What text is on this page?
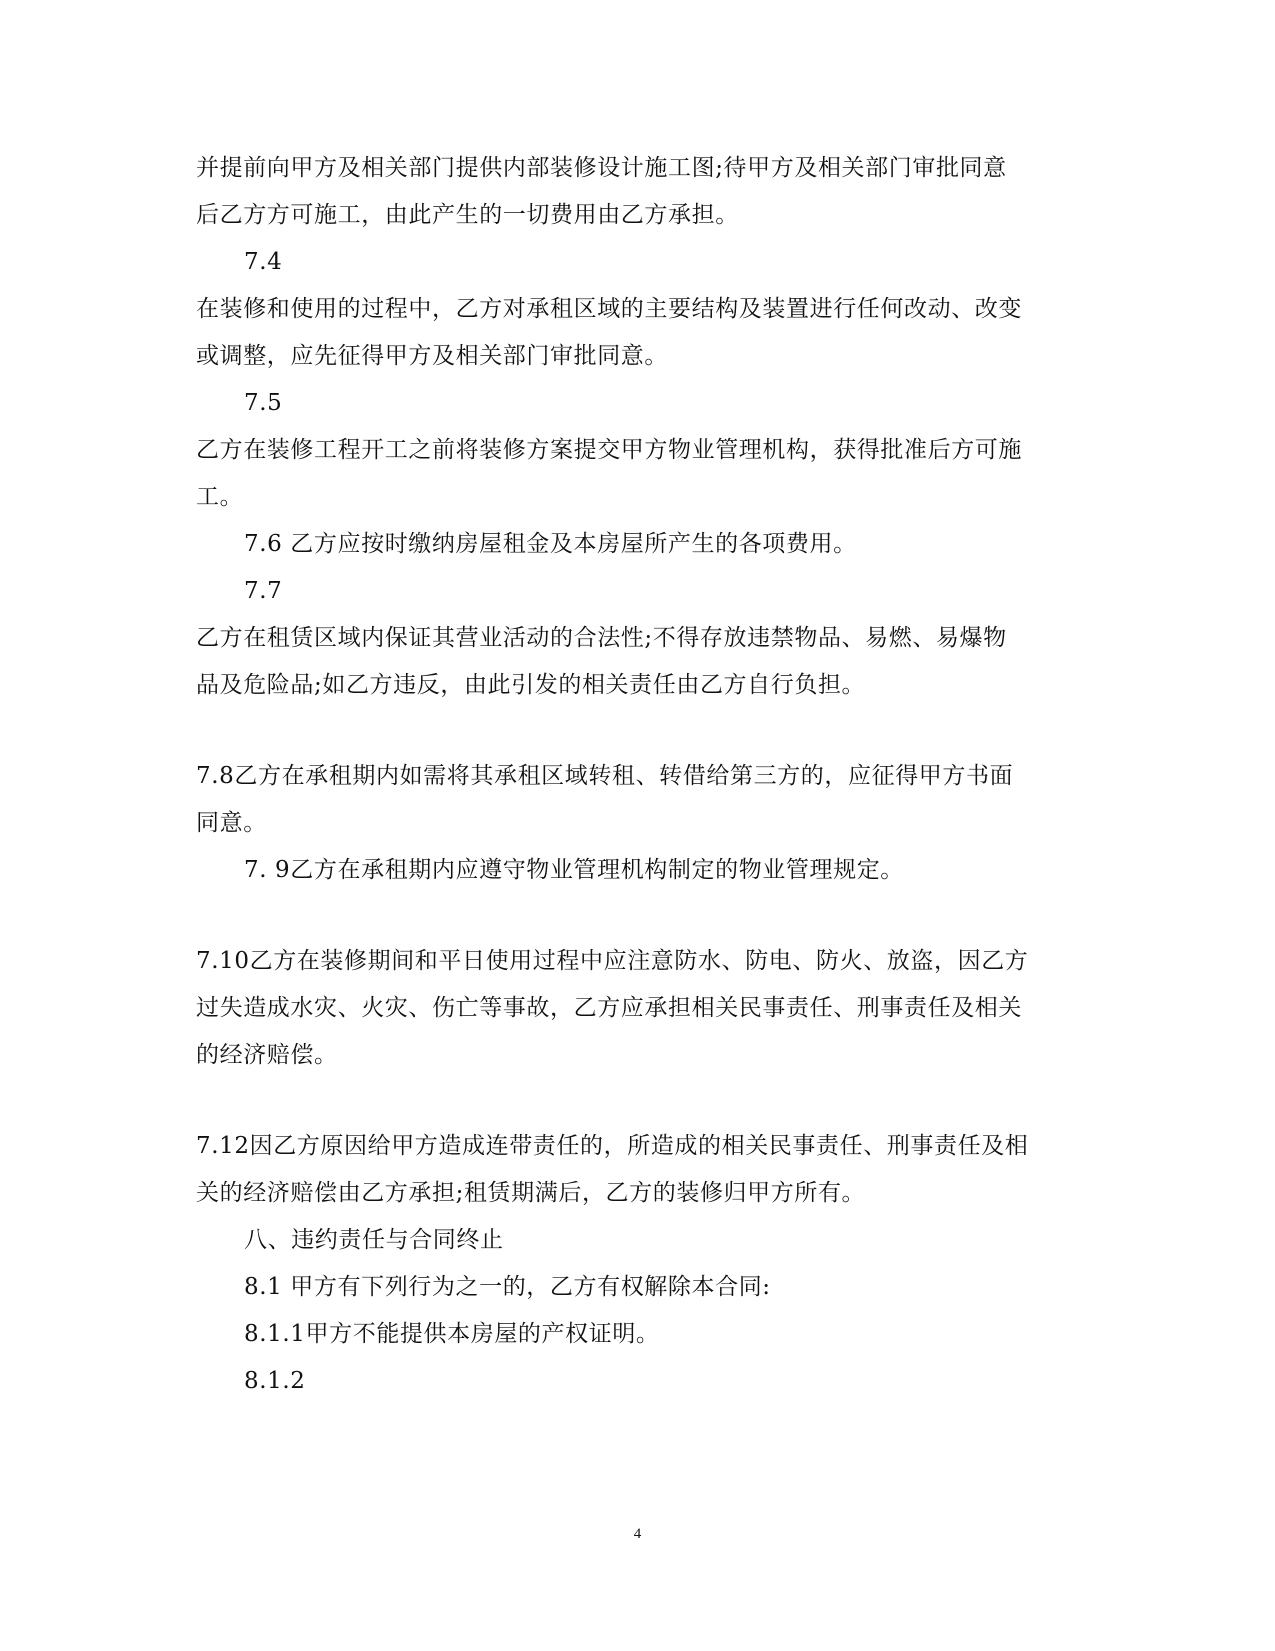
并提前向甲方及相关部门提供内部装修设计施工图;待甲方及相关部门审批同意
后乙方方可施工，由此产生的一切费用由乙方承担。
7.4
在装修和使用的过程中，乙方对承租区域的主要结构及装置进行任何改动、改变
或调整，应先征得甲方及相关部门审批同意。
7.5
乙方在装修工程开工之前将装修方案提交甲方物业管理机构，获得批准后方可施
工。
7.6 乙方应按时缴纳房屋租金及本房屋所产生的各项费用。
7.7
乙方在租赁区域内保证其营业活动的合法性;不得存放违禁物品、易燃、易爆物
品及危险品;如乙方违反，由此引发的相关责任由乙方自行负担。
7.8乙方在承租期内如需将其承租区域转租、转借给第三方的，应征得甲方书面
同意。
7. 9乙方在承租期内应遵守物业管理机构制定的物业管理规定。
7.10乙方在装修期间和平日使用过程中应注意防水、防电、防火、放盗，因乙方
过失造成水灾、火灾、伤亡等事故，乙方应承担相关民事责任、刑事责任及相关
的经济赔偿。
7.12因乙方原因给甲方造成连带责任的，所造成的相关民事责任、刑事责任及相
关的经济赔偿由乙方承担;租赁期满后，乙方的装修归甲方所有。
八、违约责任与合同终止
8.1 甲方有下列行为之一的，乙方有权解除本合同:
8.1.1甲方不能提供本房屋的产权证明。
8.1.2
4
